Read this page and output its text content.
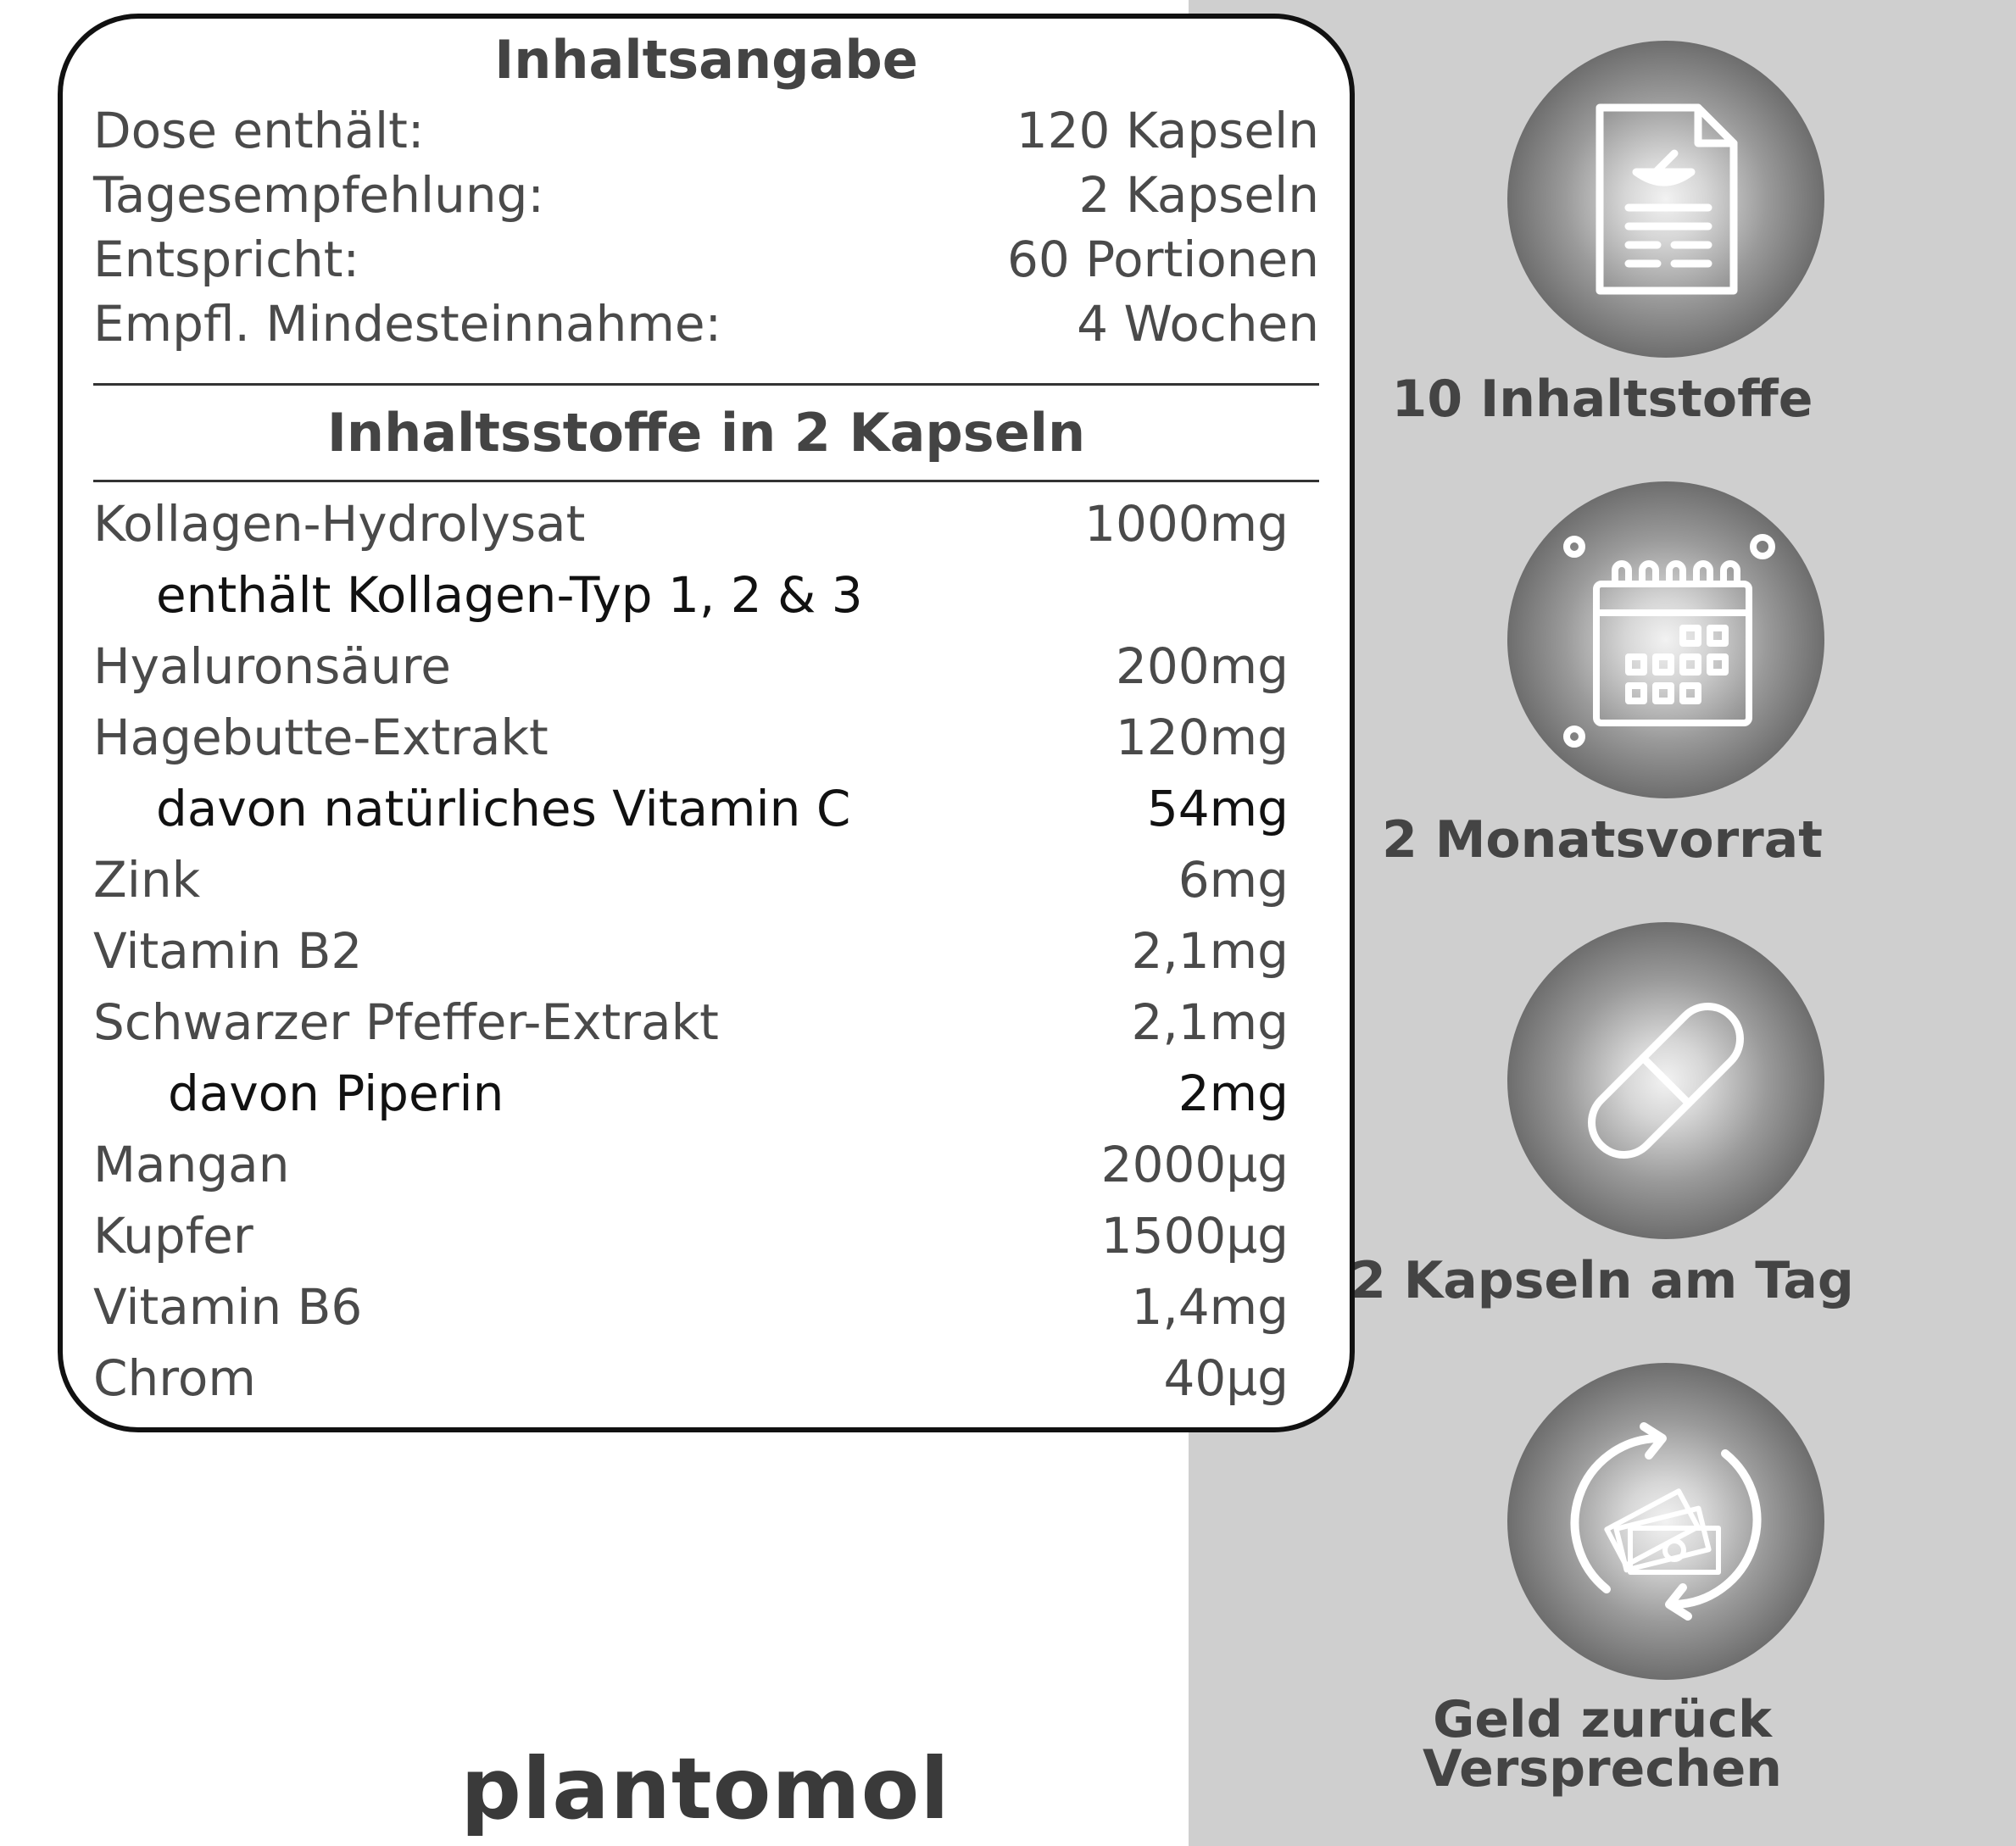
Inhaltsangabe
Dose enthält:	120 Kapseln
Tagesempfehlung:	2 Kapseln
Entspricht:	60 Portionen
Empfl. Mindesteinnahme:	4 Wochen
Inhaltsstoffe in 2 Kapseln
Kollagen-Hydrolysat	1000mg
enthält Kollagen-Typ 1, 2 & 3
Hyaluronsäure	200mg
Hagebutte-Extrakt	120mg
davon natürliches Vitamin C	54mg
Zink	6mg
Vitamin B2	2,1mg
Schwarzer Pfeffer-Extrakt	2,1mg
davon Piperin	2mg
Mangan	2000µg
Kupfer	1500µg
Vitamin B6	1,4mg
Chrom	40µg
plantomol
10 Inhaltstoffe
2 Monatsvorrat
2 Kapseln am Tag
Geld zurück
Versprechen
